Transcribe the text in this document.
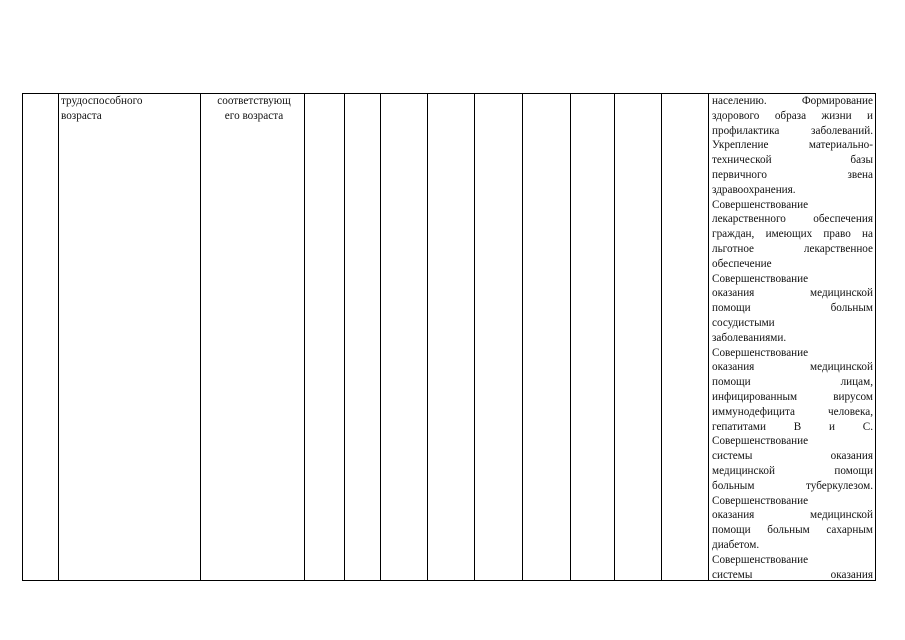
трудоспособного
возраста
соответствующ
его возраста
населению. Формирование
здорового образа жизни и
профилактика заболеваний.
Укрепление материально-
технической базы
первичного звена
здравоохранения.
Совершенствование
лекарственного обеспечения
граждан, имеющих право на
льготное лекарственное
обеспечение
Совершенствование
оказания медицинской
помощи больным
сосудистыми
заболеваниями.
Совершенствование
оказания медицинской
помощи лицам,
инфицированным вирусом
иммунодефицита человека,
гепатитами В и С.
Совершенствование
системы оказания
медицинской помощи
больным туберкулезом.
Совершенствование
оказания медицинской
помощи больным сахарным
диабетом.
Совершенствование
системы оказания
